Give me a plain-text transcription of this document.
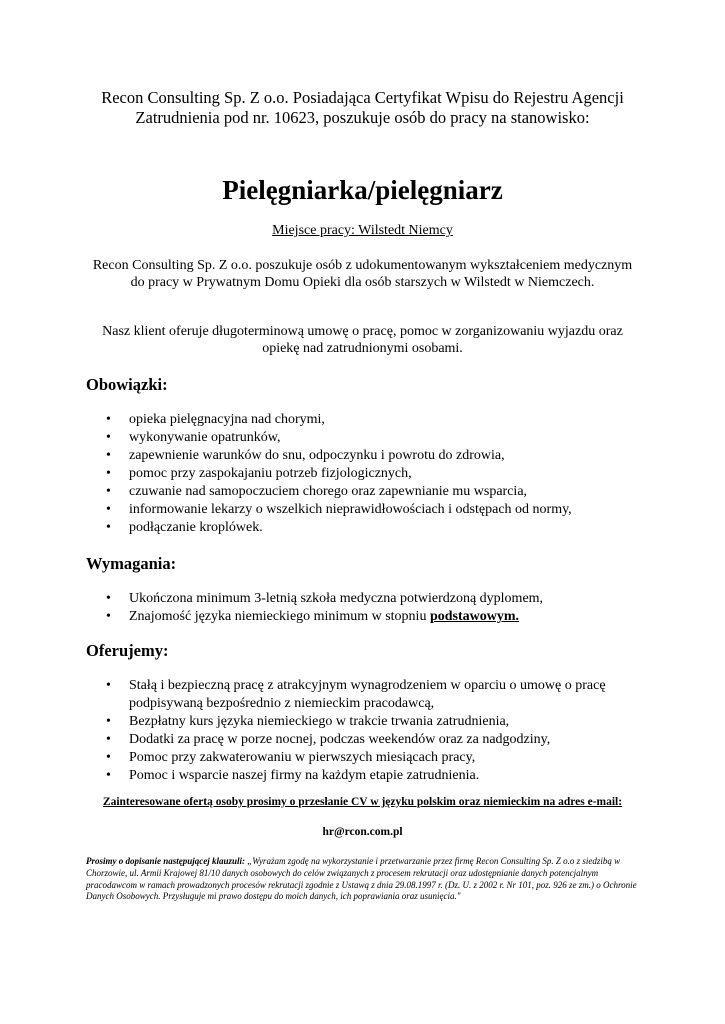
Recon Consulting Sp. Z o.o. Posiadająca Certyfikat Wpisu do Rejestru Agencji Zatrudnienia pod nr. 10623, poszukuje osób do pracy na stanowisko:
Pielęgniarka/pielęgniarz
Miejsce pracy: Wilstedt Niemcy
Recon Consulting Sp. Z o.o. poszukuje osób z udokumentowanym wykształceniem medycznym do pracy w Prywatnym Domu Opieki dla osób starszych w Wilstedt w Niemczech.
Nasz klient oferuje długoterminową umowę o pracę, pomoc w zorganizowaniu wyjazdu oraz opiekę nad zatrudnionymi osobami.
Obowiązki:
• opieka pielęgnacyjna nad chorymi,
• wykonywanie opatrunków,
• zapewnienie warunków do snu, odpoczynku i powrotu do zdrowia,
• pomoc przy zaspokajaniu potrzeb fizjologicznych,
• czuwanie nad samopoczuciem chorego oraz zapewnianie mu wsparcia,
• informowanie lekarzy o wszelkich nieprawidłowościach i odstępach od normy,
• podłączanie kroplówek.
Wymagania:
• Ukończona minimum 3-letnią szkoła medyczna potwierdzoną dyplomem,
• Znajomość języka niemieckiego minimum w stopniu podstawowym.
Oferujemy:
• Stałą i bezpieczną pracę z atrakcyjnym wynagrodzeniem w oparciu o umowę o pracę podpisywaną bezpośrednio z niemieckim pracodawcą,
• Bezpłatny kurs języka niemieckiego w trakcie trwania zatrudnienia,
• Dodatki za pracę w porze nocnej, podczas weekendów oraz za nadgodziny,
• Pomoc przy zakwaterowaniu w pierwszych miesiącach pracy,
• Pomoc i wsparcie naszej firmy na każdym etapie zatrudnienia.
Zainteresowane ofertą osoby prosimy o przesłanie CV w języku polskim oraz niemieckim na adres e-mail:
hr@rcon.com.pl
Prosimy o dopisanie następującej klauzuli: „Wyrażam zgodę na wykorzystanie i przetwarzanie przez firmę Recon Consulting Sp. Z o.o z siedzibą w Chorzowie, ul. Armii Krajowej 81/10 danych osobowych do celów związanych z procesem rekrutacji oraz udostępnianie danych potencjalnym pracodawcom w ramach prowadzonych procesów rekrutacji zgodnie z Ustawą z dnia 29.08.1997 r. (Dz. U. z 2002 r. Nr 101, poz. 926 ze zm.) o Ochronie Danych Osobowych. Przysługuje mi prawo dostępu do moich danych, ich poprawiania oraz usunięcia."
